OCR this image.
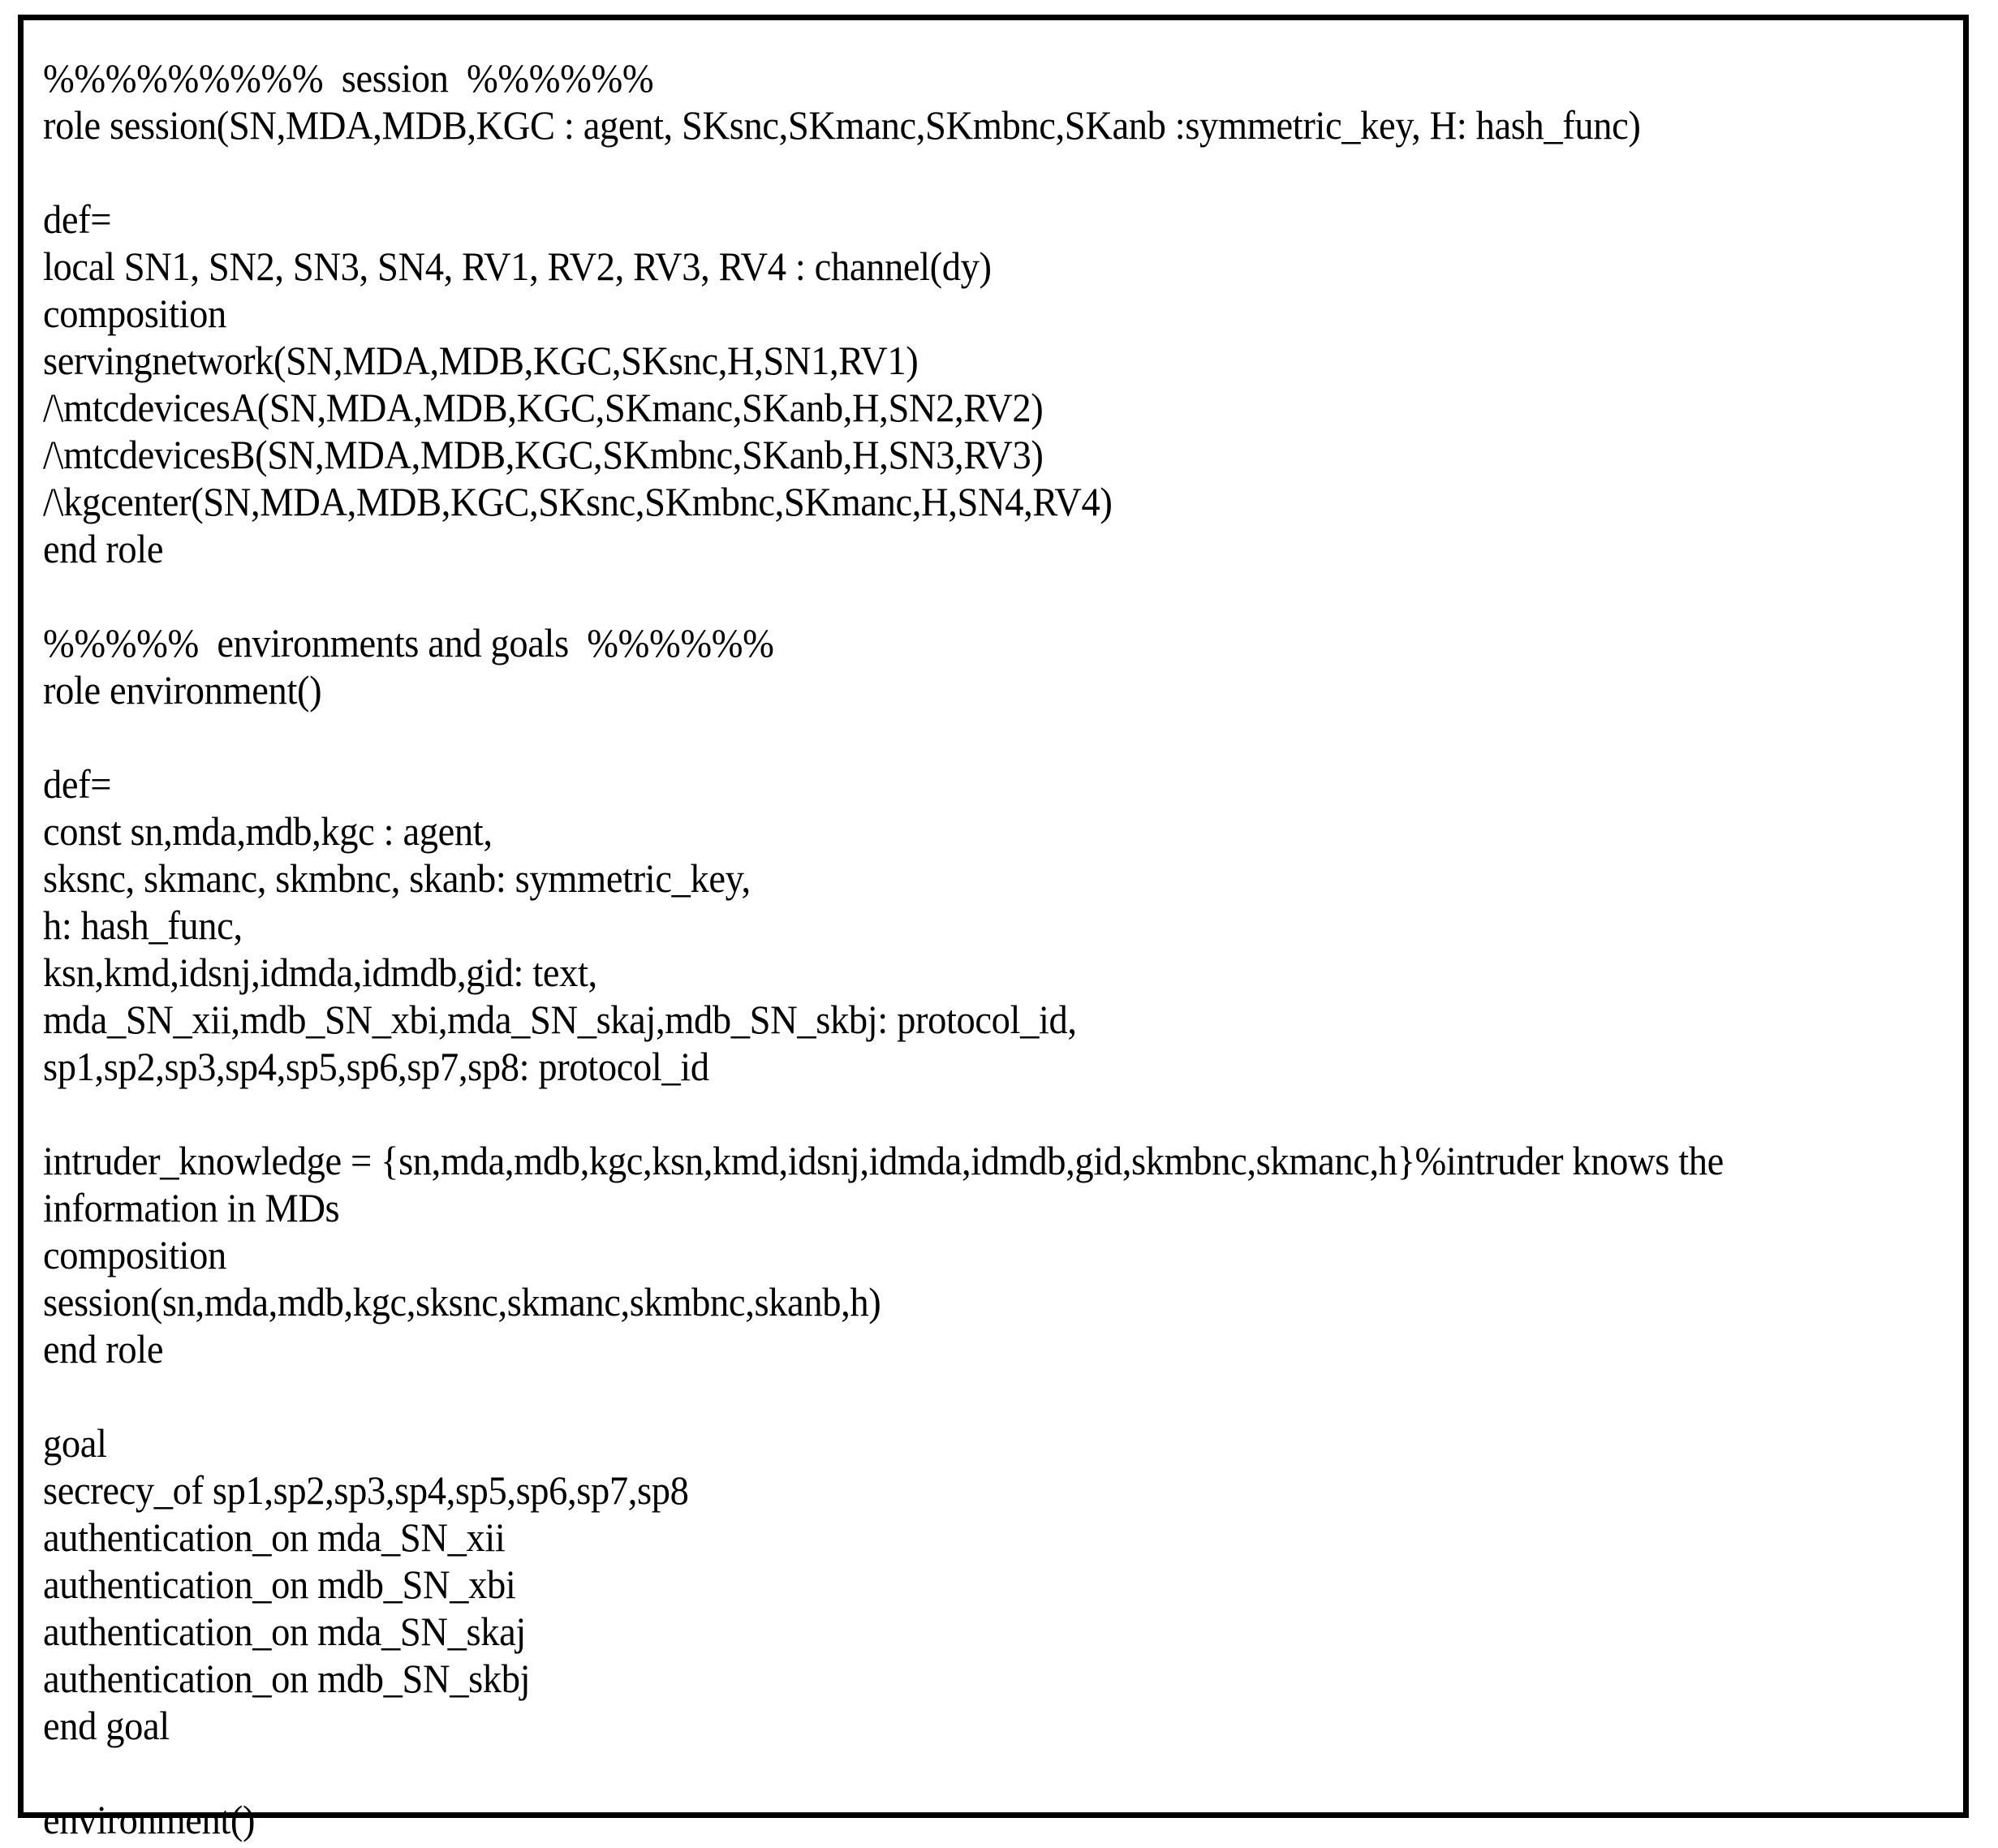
%%%%%%%%%  session  %%%%%%
role session(SN,MDA,MDB,KGC : agent, SKsnc,SKmanc,SKmbnc,SKanb :symmetric_key, H: hash_func)
def=
local SN1, SN2, SN3, SN4, RV1, RV2, RV3, RV4 : channel(dy)
composition
servingnetwork(SN,MDA,MDB,KGC,SKsnc,H,SN1,RV1)
/\mtcdevicesA(SN,MDA,MDB,KGC,SKmanc,SKanb,H,SN2,RV2)
/\mtcdevicesB(SN,MDA,MDB,KGC,SKmbnc,SKanb,H,SN3,RV3)
/\kgcenter(SN,MDA,MDB,KGC,SKsnc,SKmbnc,SKmanc,H,SN4,RV4)
end role
%%%%%  environments and goals  %%%%%%
role environment()
def=
const sn,mda,mdb,kgc : agent,
sksnc, skmanc, skmbnc, skanb: symmetric_key,
h: hash_func,
ksn,kmd,idsnj,idmda,idmdb,gid: text,
mda_SN_xii,mdb_SN_xbi,mda_SN_skaj,mdb_SN_skbj: protocol_id,
sp1,sp2,sp3,sp4,sp5,sp6,sp7,sp8: protocol_id
intruder_knowledge = {sn,mda,mdb,kgc,ksn,kmd,idsnj,idmda,idmdb,gid,skmbnc,skmanc,h}%intruder knows the
information in MDs
composition
session(sn,mda,mdb,kgc,sksnc,skmanc,skmbnc,skanb,h)
end role
goal
secrecy_of sp1,sp2,sp3,sp4,sp5,sp6,sp7,sp8
authentication_on mda_SN_xii
authentication_on mdb_SN_xbi
authentication_on mda_SN_skaj
authentication_on mdb_SN_skbj
end goal
environment()
